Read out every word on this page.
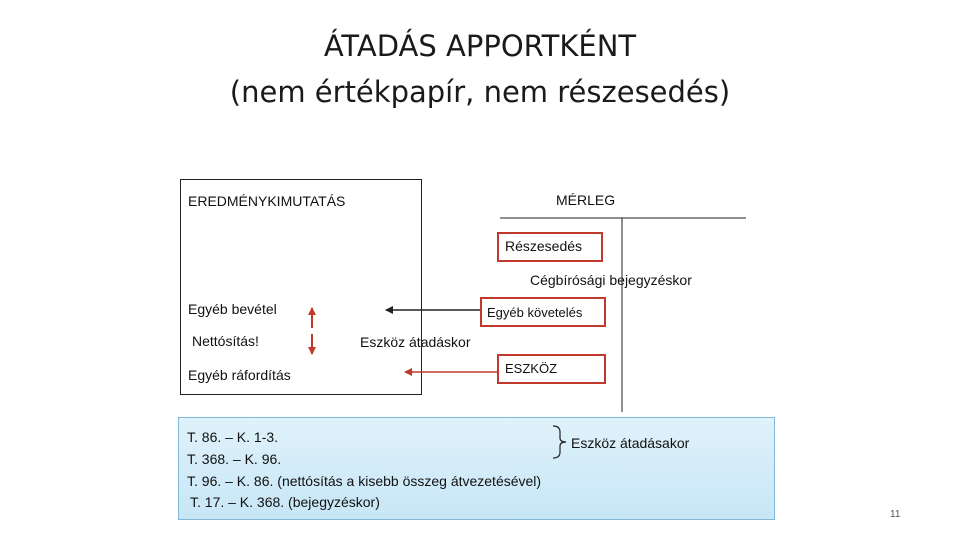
ÁTADÁS APPORTKÉNT
(nem értékpapír, nem részesedés)
EREDMÉNYKIMUTATÁS
Egyéb bevétel
Nettósítás!
Egyéb ráfordítás
MÉRLEG
Részesedés
Cégbírósági bejegyzéskor
Egyéb követelés
Eszköz átadáskor
ESZKÖZ
T. 86. – K. 1-3.
T. 368. – K. 96.
T. 96. – K. 86. (nettósítás a kisebb összeg átvezetésével)
T. 17. – K. 368. (bejegyzéskor)
Eszköz átadásakor
11
